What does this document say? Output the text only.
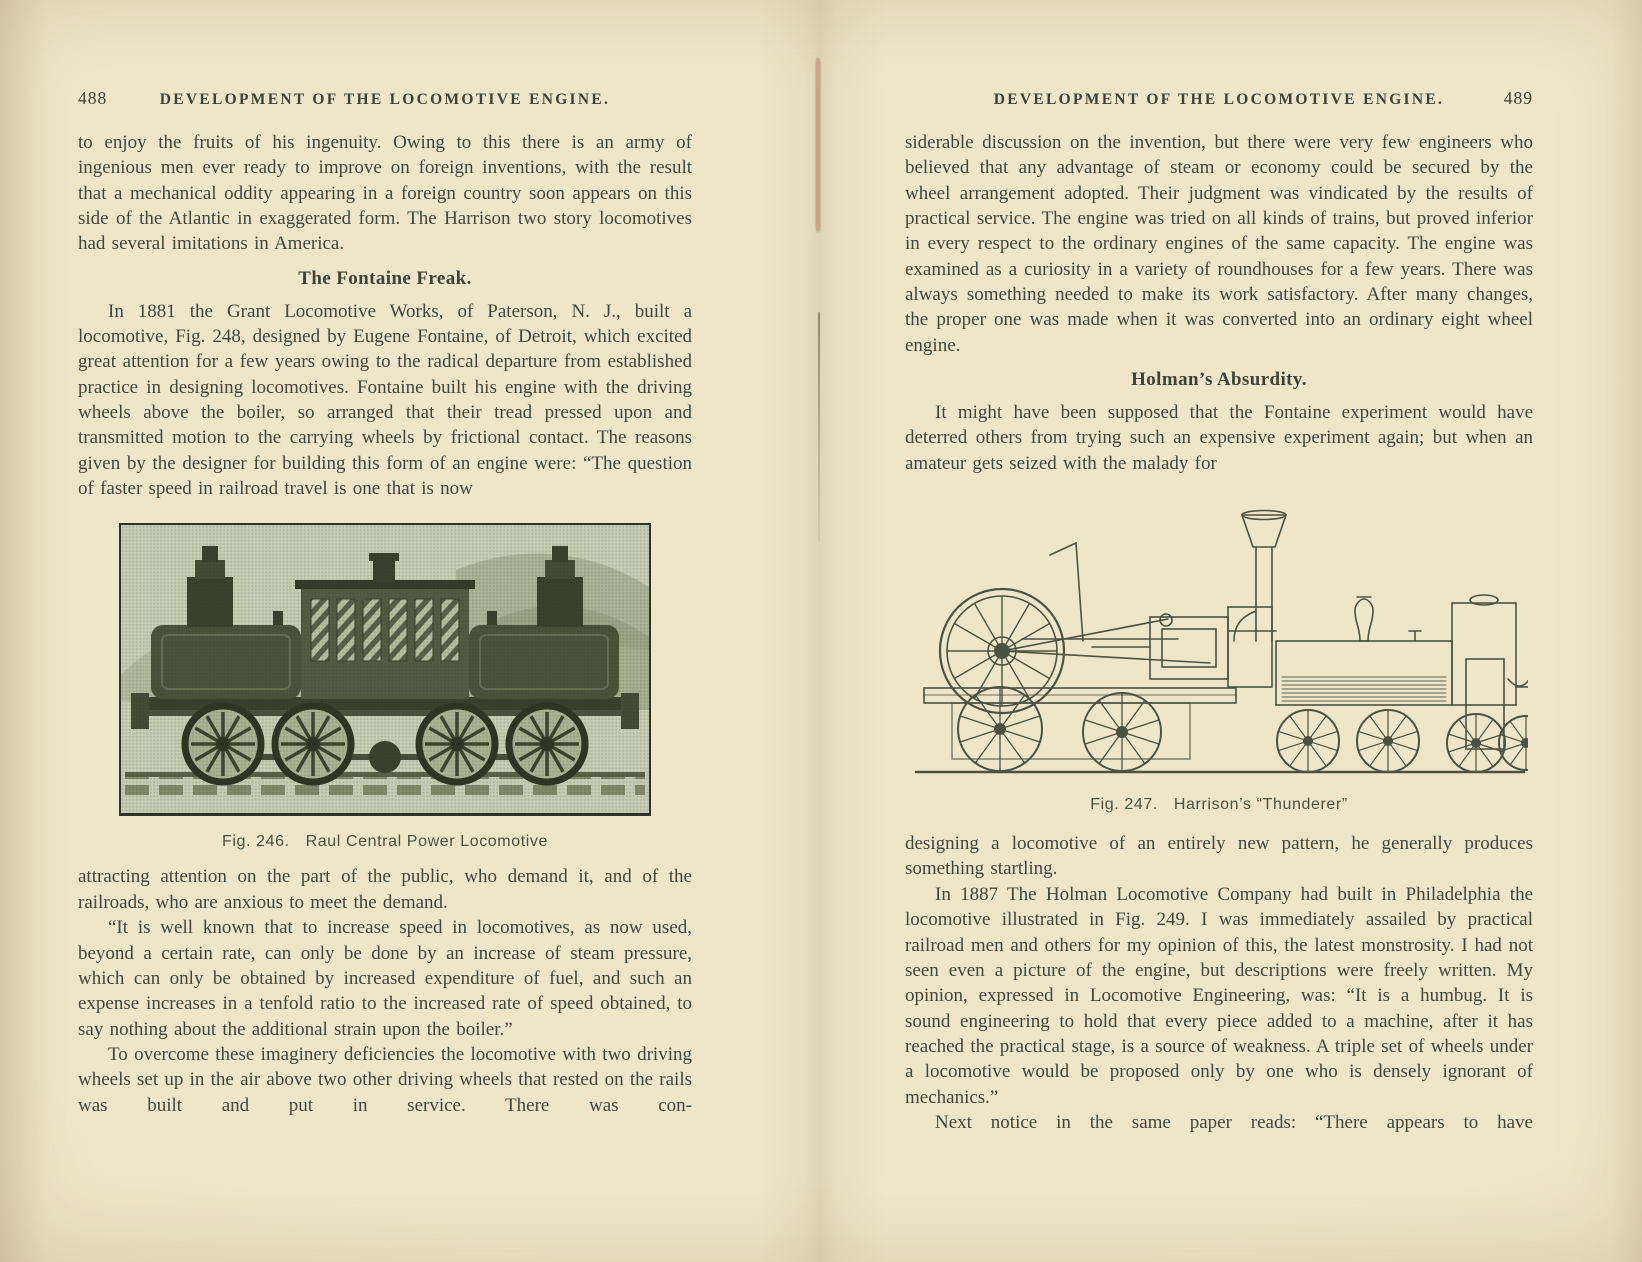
488	DEVELOPMENT OF THE LOCOMOTIVE ENGINE.

to enjoy the fruits of his ingenuity. Owing to this there is an army of ingenious men ever ready to improve on foreign inventions, with the result that a mechanical oddity appearing in a foreign country soon appears on this side of the Atlantic in exaggerated form. The Harrison two story locomotives had several imitations in America.

The Fontaine Freak.

In 1881 the Grant Locomotive Works, of Paterson, N. J., built a locomotive, Fig. 248, designed by Eugene Fontaine, of Detroit, which excited great attention for a few years owing to the radical departure from established practice in designing locomotives. Fontaine built his engine with the driving wheels above the boiler, so arranged that their tread pressed upon and transmitted motion to the carrying wheels by frictional contact. The reasons given by the designer for building this form of an engine were: “The question of faster speed in railroad travel is one that is now

Fig. 246. Raul Central Power Locomotive

attracting attention on the part of the public, who demand it, and of the railroads, who are anxious to meet the demand.

“It is well known that to increase speed in locomotives, as now used, beyond a certain rate, can only be done by an increase of steam pressure, which can only be obtained by increased expenditure of fuel, and such an expense increases in a tenfold ratio to the increased rate of speed obtained, to say nothing about the additional strain upon the boiler.”

To overcome these imaginery deficiencies the locomotive with two driving wheels set up in the air above two other driving wheels that rested on the rails was built and put in service. There was con-

DEVELOPMENT OF THE LOCOMOTIVE ENGINE.	489

siderable discussion on the invention, but there were very few engineers who believed that any advantage of steam or economy could be secured by the wheel arrangement adopted. Their judgment was vindicated by the results of practical service. The engine was tried on all kinds of trains, but proved inferior in every respect to the ordinary engines of the same capacity. The engine was examined as a curiosity in a variety of roundhouses for a few years. There was always something needed to make its work satisfactory. After many changes, the proper one was made when it was converted into an ordinary eight wheel engine.

Holman’s Absurdity.

It might have been supposed that the Fontaine experiment would have deterred others from trying such an expensive experiment again; but when an amateur gets seized with the malady for

Fig. 247. Harrison’s “Thunderer”

designing a locomotive of an entirely new pattern, he generally produces something startling.

In 1887 The Holman Locomotive Company had built in Philadelphia the locomotive illustrated in Fig. 249. I was immediately assailed by practical railroad men and others for my opinion of this, the latest monstrosity. I had not seen even a picture of the engine, but descriptions were freely written. My opinion, expressed in Locomotive Engineering, was: “It is a humbug. It is sound engineering to hold that every piece added to a machine, after it has reached the practical stage, is a source of weakness. A triple set of wheels under a locomotive would be proposed only by one who is densely ignorant of mechanics.”

Next notice in the same paper reads: “There appears to have
